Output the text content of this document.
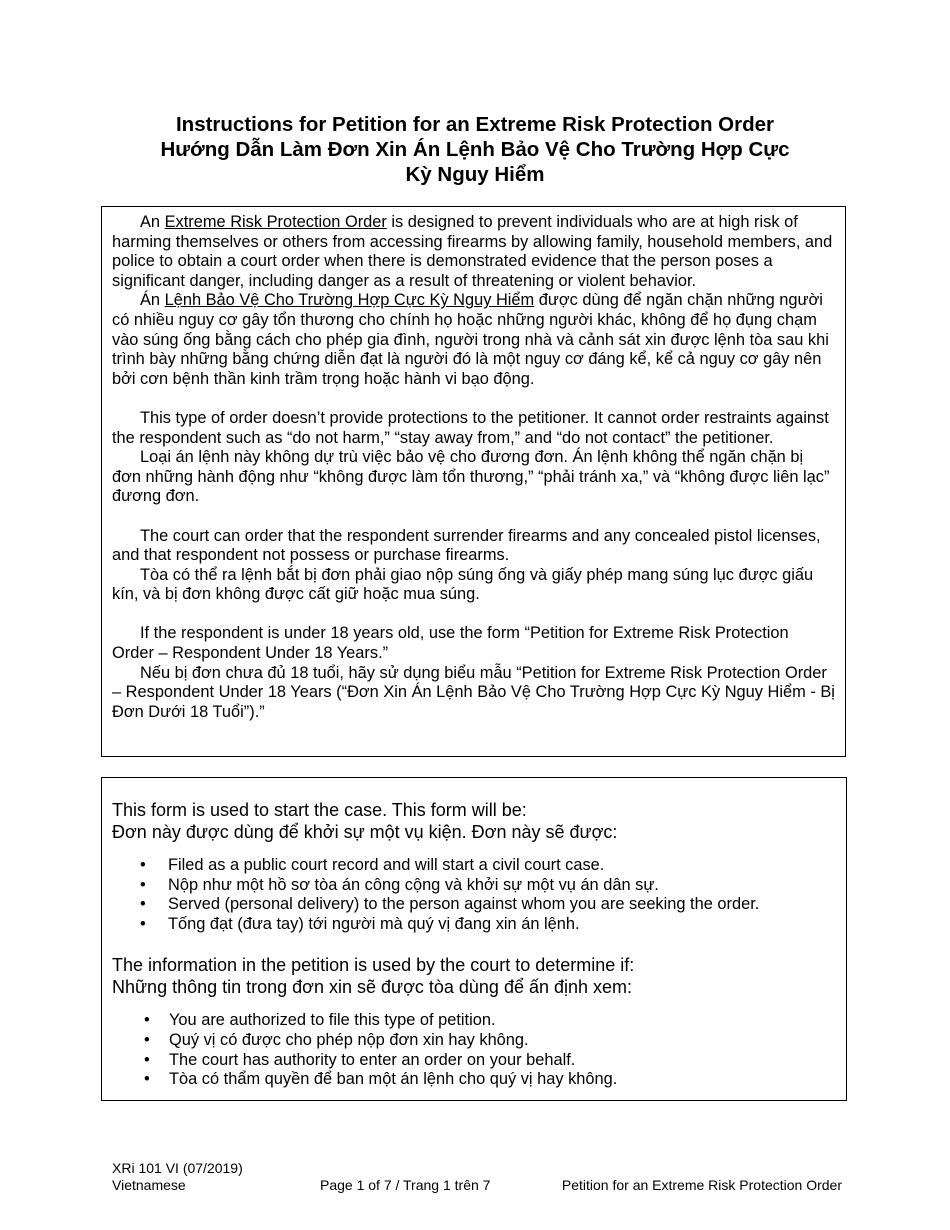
Instructions for Petition for an Extreme Risk Protection Order
Hướng Dẫn Làm Đơn Xin Án Lệnh Bảo Vệ Cho Trường Hợp Cực
Kỳ Nguy Hiểm

An Extreme Risk Protection Order is designed to prevent individuals who are at high risk of harming themselves or others from accessing firearms by allowing family, household members, and police to obtain a court order when there is demonstrated evidence that the person poses a significant danger, including danger as a result of threatening or violent behavior.

Án Lệnh Bảo Vệ Cho Trường Hợp Cực Kỳ Nguy Hiểm được dùng để ngăn chặn những người có nhiều nguy cơ gây tổn thương cho chính họ hoặc những người khác, không để họ đụng chạm vào súng ống bằng cách cho phép gia đình, người trong nhà và cảnh sát xin được lệnh tòa sau khi trình bày những bằng chứng diễn đạt là người đó là một nguy cơ đáng kể, kể cả nguy cơ gây nên bởi cơn bệnh thần kinh trầm trọng hoặc hành vi bạo động.

This type of order doesn’t provide protections to the petitioner. It cannot order restraints against the respondent such as “do not harm,” “stay away from,” and “do not contact” the petitioner.

Loại án lệnh này không dự trù việc bảo vệ cho đương đơn. Án lệnh không thể ngăn chặn bị đơn những hành động như “không được làm tổn thương,” “phải tránh xa,” và “không được liên lạc” đương đơn.

The court can order that the respondent surrender firearms and any concealed pistol licenses, and that respondent not possess or purchase firearms.

Tòa có thể ra lệnh bắt bị đơn phải giao nộp súng ống và giấy phép mang súng lục được giấu kín, và bị đơn không được cất giữ hoặc mua súng.

If the respondent is under 18 years old, use the form “Petition for Extreme Risk Protection Order – Respondent Under 18 Years.”

Nếu bị đơn chưa đủ 18 tuổi, hãy sử dụng biểu mẫu “Petition for Extreme Risk Protection Order – Respondent Under 18 Years (“Đơn Xin Án Lệnh Bảo Vệ Cho Trường Hợp Cực Kỳ Nguy Hiểm - Bị Đơn Dưới 18 Tuổi”).”

This form is used to start the case. This form will be:
Đơn này được dùng để khởi sự một vụ kiện. Đơn này sẽ được:
• Filed as a public court record and will start a civil court case.
• Nộp như một hồ sơ tòa án công cộng và khởi sự một vụ án dân sự.
• Served (personal delivery) to the person against whom you are seeking the order.
• Tống đạt (đưa tay) tới người mà quý vị đang xin án lệnh.
The information in the petition is used by the court to determine if:
Những thông tin trong đơn xin sẽ được tòa dùng để ấn định xem:
• You are authorized to file this type of petition.
• Quý vị có được cho phép nộp đơn xin hay không.
• The court has authority to enter an order on your behalf.
• Tòa có thẩm quyền để ban một án lệnh cho quý vị hay không.
XRi 101 VI (07/2019)
Vietnamese	Page 1 of 7 / Trang 1 trên 7	Petition for an Extreme Risk Protection Order
